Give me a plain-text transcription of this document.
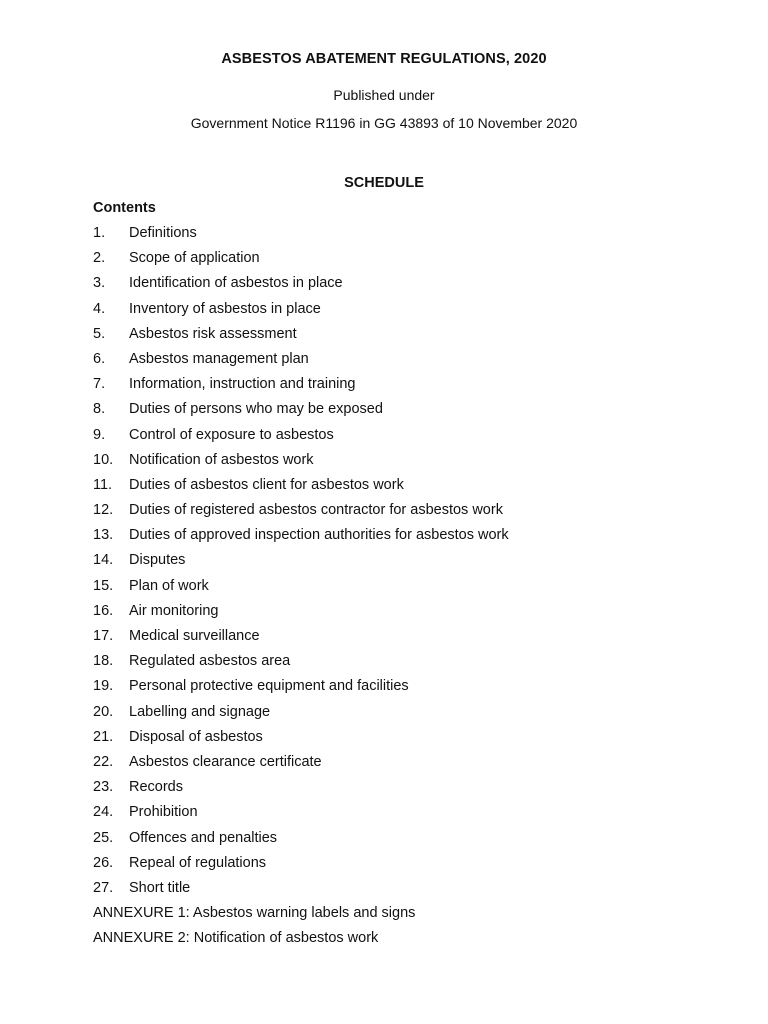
ASBESTOS ABATEMENT REGULATIONS, 2020
Published under
Government Notice R1196 in GG 43893 of 10 November 2020
SCHEDULE
Contents
1.	Definitions
2.	Scope of application
3.	Identification of asbestos in place
4.	Inventory of asbestos in place
5.	Asbestos risk assessment
6.	Asbestos management plan
7.	Information, instruction and training
8.	Duties of persons who may be exposed
9.	Control of exposure to asbestos
10.	Notification of asbestos work
11.	Duties of asbestos client for asbestos work
12.	Duties of registered asbestos contractor for asbestos work
13.	Duties of approved inspection authorities for asbestos work
14.	Disputes
15.	Plan of work
16.	Air monitoring
17.	Medical surveillance
18.	Regulated asbestos area
19.	Personal protective equipment and facilities
20.	Labelling and signage
21.	Disposal of asbestos
22.	Asbestos clearance certificate
23.	Records
24.	Prohibition
25.	Offences and penalties
26.	Repeal of regulations
27.	Short title
ANNEXURE 1: Asbestos warning labels and signs
ANNEXURE 2: Notification of asbestos work
